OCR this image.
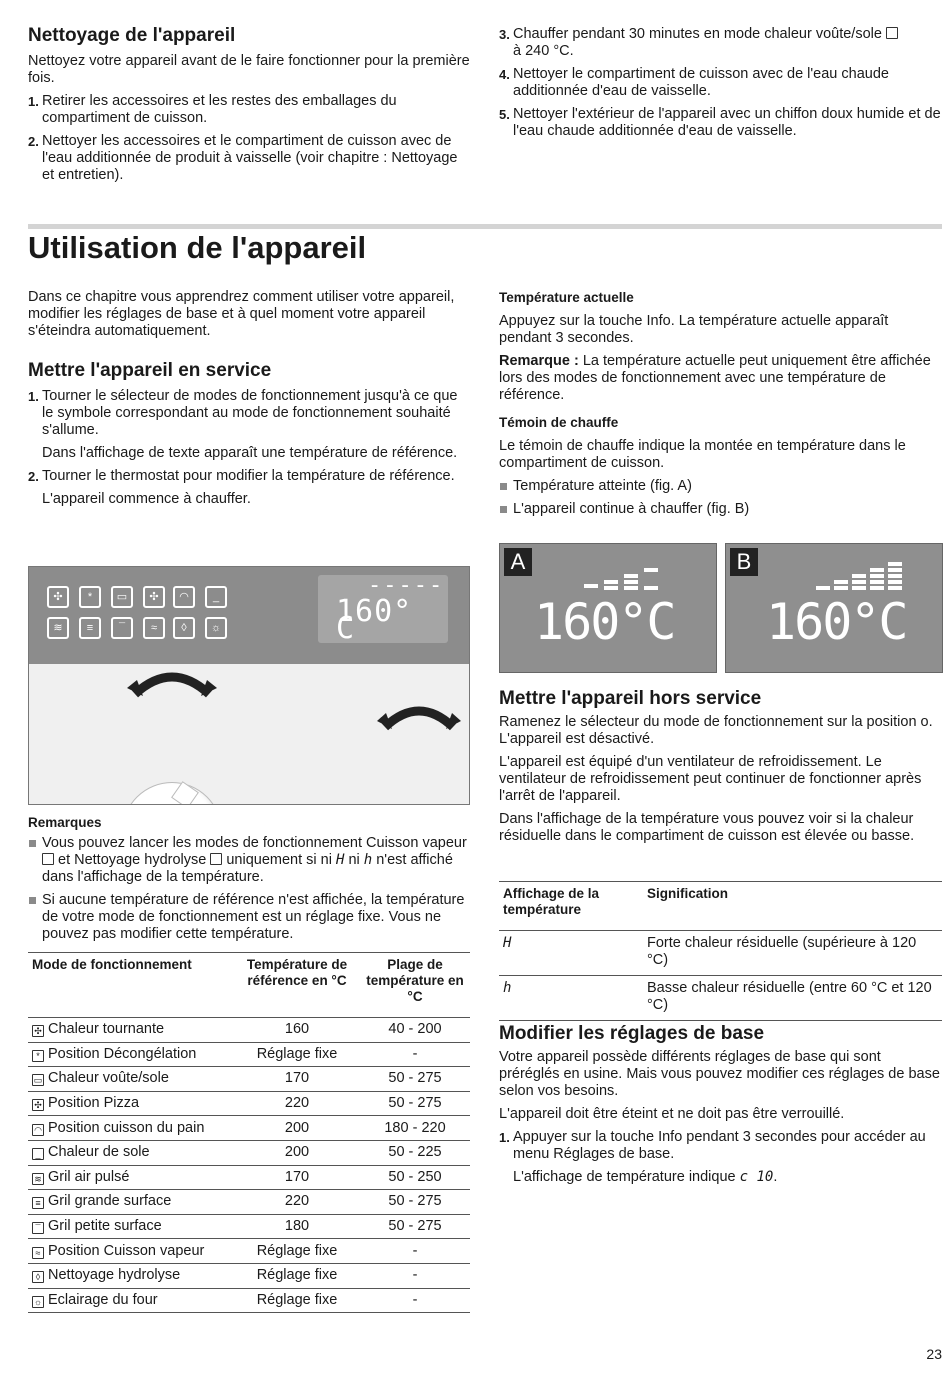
Nettoyage de l'appareil

Nettoyez votre appareil avant de le faire fonctionner pour la première fois.

1. Retirer les accessoires et les restes des emballages du compartiment de cuisson.
2. Nettoyer les accessoires et le compartiment de cuisson avec de l'eau additionnée de produit à vaisselle (voir chapitre : Nettoyage et entretien).
3. Chauffer pendant 30 minutes en mode chaleur voûte/sole
à 240 °C.
4. Nettoyer le compartiment de cuisson avec de l'eau chaude additionnée d'eau de vaisselle.
5. Nettoyer l'extérieur de l'appareil avec un chiffon doux humide et de l'eau chaude additionnée d'eau de vaisselle.
Utilisation de l'appareil

Dans ce chapitre vous apprendrez comment utiliser votre appareil, modifier les réglages de base et à quel moment votre appareil s'éteindra automatiquement.

Mettre l'appareil en service
1. Tourner le sélecteur de modes de fonctionnement jusqu'à ce que le symbole correspondant au mode de fonctionnement souhaité s'allume.
Dans l'affichage de texte apparaît une température de référence.
2. Tourner le thermostat pour modifier la température de référence.
L'appareil commence à chauffer.
✣	*	▭	✣	◠	_
≋	≡	¯	≈	◊	☼
-----
160° C
Remarques
Vous pouvez lancer les modes de fonctionnement Cuisson vapeur et Nettoyage hydrolyse uniquement si ni H ni h n'est affiché dans l'affichage de la température.
Si aucune température de référence n'est affichée, la température de votre mode de fonctionnement est un réglage fixe. Vous ne pouvez pas modifier cette température.
Mode de fonctionnement	Température de référence en °C	Plage de température en °C
✣ Chaleur tournante	160	40 - 200
* Position Décongélation	Réglage fixe	-
▭ Chaleur voûte/sole	170	50 - 275
✣ Position Pizza	220	50 - 275
◠ Position cuisson du pain	200	180 - 220
_ Chaleur de sole	200	50 - 225
≋ Gril air pulsé	170	50 - 250
≡ Gril grande surface	220	50 - 275
¯ Gril petite surface	180	50 - 275
≈ Position Cuisson vapeur	Réglage fixe	-
◊ Nettoyage hydrolyse	Réglage fixe	-
☼ Eclairage du four	Réglage fixe	-
Température actuelle

Appuyez sur la touche Info. La température actuelle apparaît pendant 3 secondes.

Remarque : La température actuelle peut uniquement être affichée lors des modes de fonctionnement avec une température de référence.

Témoin de chauffe

Le témoin de chauffe indique la montée en température dans le compartiment de cuisson.

Température atteinte (fig. A)
L'appareil continue à chauffer (fig. B)
A
160°C
B
160°C
Mettre l'appareil hors service

Ramenez le sélecteur du mode de fonctionnement sur la position o. L'appareil est désactivé.

L'appareil est équipé d'un ventilateur de refroidissement. Le ventilateur de refroidissement peut continuer de fonctionner après l'arrêt de l'appareil.

Dans l'affichage de la température vous pouvez voir si la chaleur résiduelle dans le compartiment de cuisson est élevée ou basse.

Affichage de la température	Signification
H	Forte chaleur résiduelle (supérieure à 120 °C)
h	Basse chaleur résiduelle (entre 60 °C et 120 °C)
Modifier les réglages de base

Votre appareil possède différents réglages de base qui sont préréglés en usine. Mais vous pouvez modifier ces réglages de base selon vos besoins.

L'appareil doit être éteint et ne doit pas être verrouillé.

1. Appuyer sur la touche Info pendant 3 secondes pour accéder au menu Réglages de base.
L'affichage de température indique c 10.
23
